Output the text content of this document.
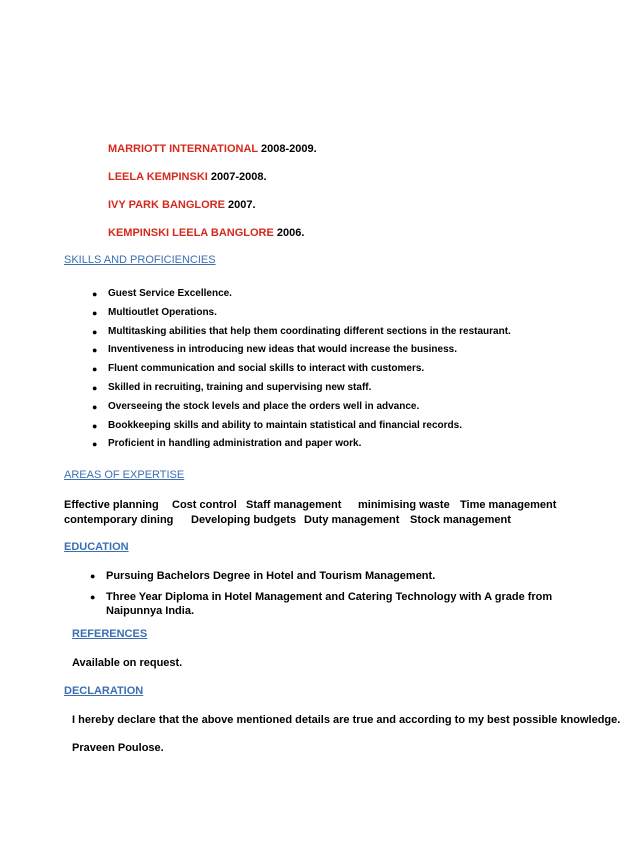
MARRIOTT INTERNATIONAL 2008-2009.
LEELA KEMPINSKI 2007-2008.
IVY PARK BANGLORE 2007.
KEMPINSKI LEELA BANGLORE 2006.
SKILLS AND PROFICIENCIES
● Guest Service Excellence.
● Multioutlet Operations.
● Multitasking abilities that help them coordinating different sections in the restaurant.
● Inventiveness in introducing new ideas that would increase the business.
● Fluent communication and social skills to interact with customers.
● Skilled in recruiting, training and supervising new staff.
● Overseeing the stock levels and place the orders well in advance.
● Bookkeeping skills and ability to maintain statistical and financial records.
● Proficient in handling administration and paper work.
AREAS OF EXPERTISE
Effective planning Cost control Staff management minimising waste Time management
contemporary dining Developing budgets Duty management Stock management
EDUCATION
● Pursuing Bachelors Degree in Hotel and Tourism Management.
● Three Year Diploma in Hotel Management and Catering Technology with A grade from Naipunnya India.
REFERENCES
Available on request.
DECLARATION
I hereby declare that the above mentioned details are true and according to my best possible knowledge.
Praveen Poulose.
